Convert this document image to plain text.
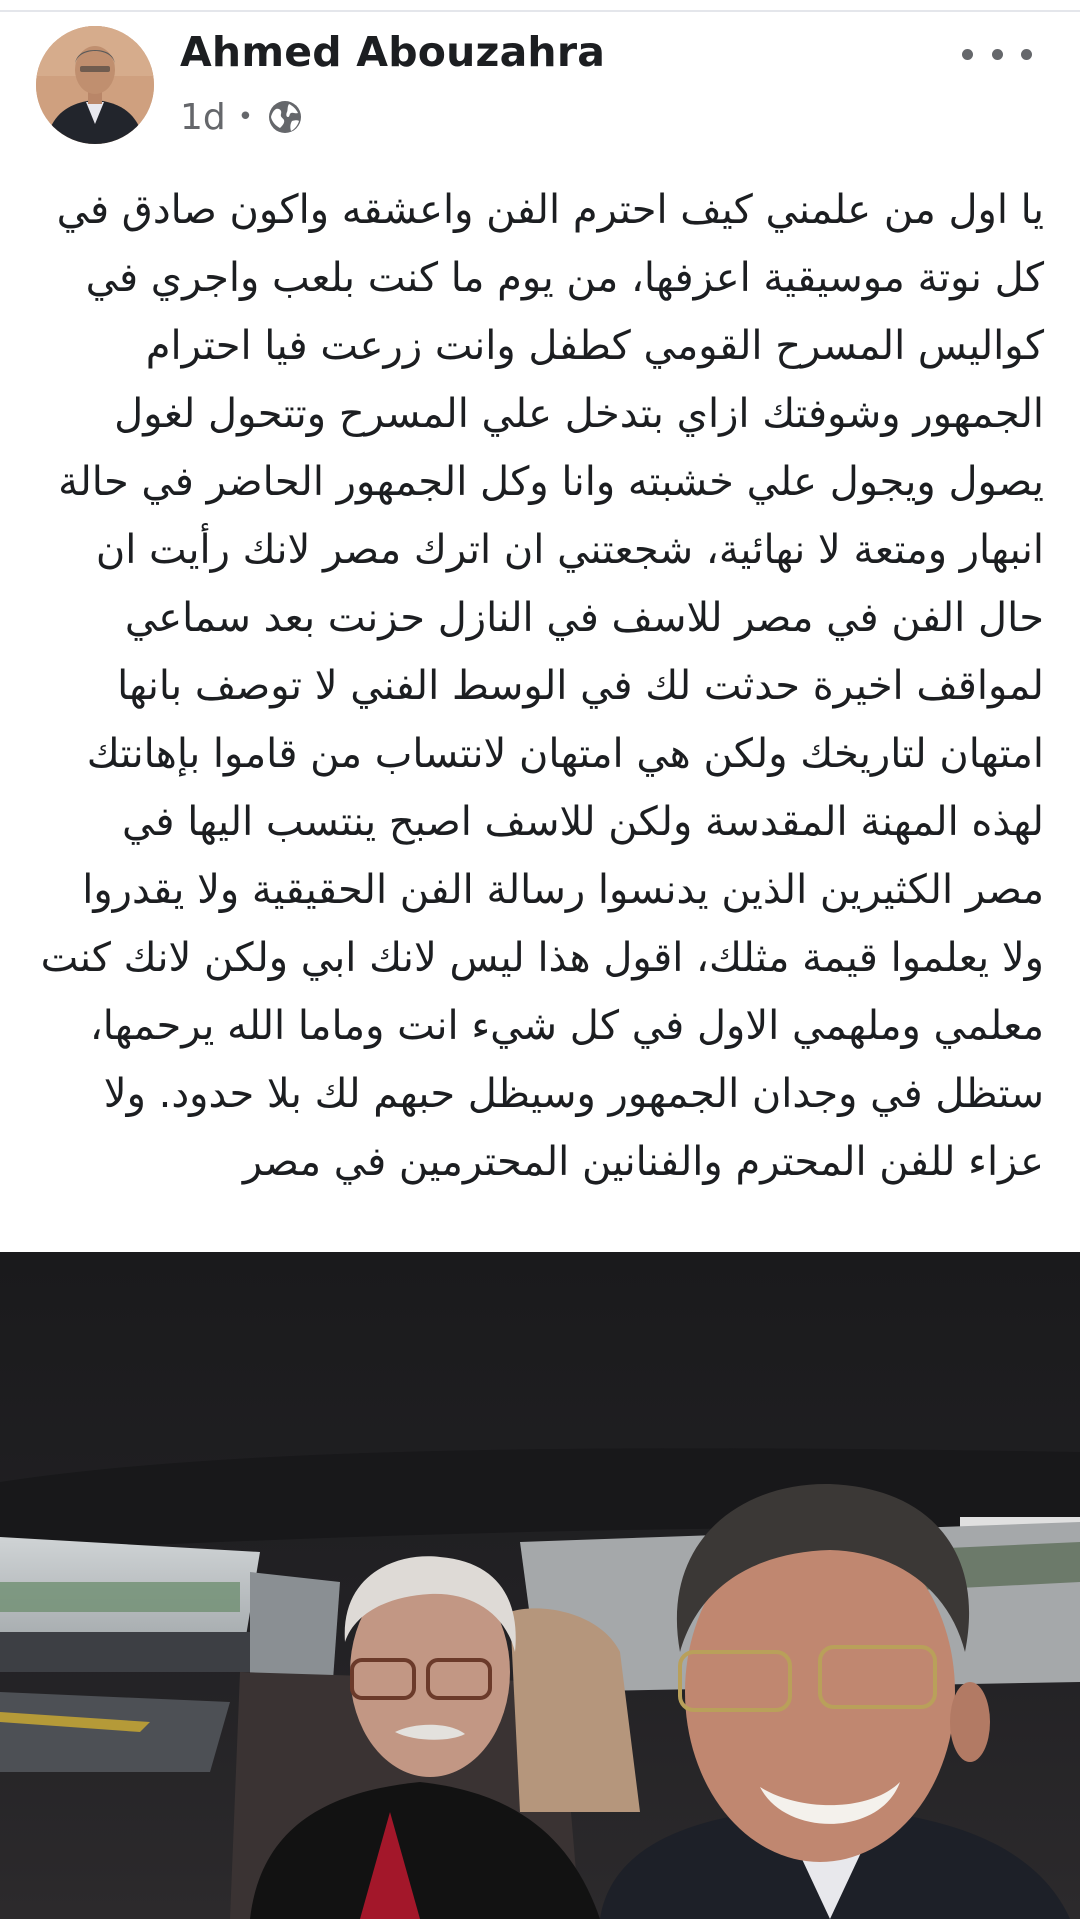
Ahmed Abouzahra
1d •
يا اول من علمني كيف احترم الفن واعشقه واكون صادق في كل نوتة موسيقية اعزفها، من يوم ما كنت بلعب واجري في كواليس المسرح القومي كطفل وانت زرعت فيا احترام الجمهور وشوفتك ازاي بتدخل علي المسرح وتتحول لغول يصول ويجول علي خشبته وانا وكل الجمهور الحاضر في حالة انبهار ومتعة لا نهائية، شجعتني ان اترك مصر لانك رأيت ان حال الفن في مصر للاسف في النازل حزنت بعد سماعي لمواقف اخيرة حدثت لك في الوسط الفني لا توصف بانها امتهان لتاريخك ولكن هي امتهان لانتساب من قاموا بإهانتك لهذه المهنة المقدسة ولكن للاسف اصبح ينتسب اليها في مصر الكثيرين الذين يدنسوا رسالة الفن الحقيقية ولا يقدروا ولا يعلموا قيمة مثلك، اقول هذا ليس لانك ابي ولكن لانك كنت معلمي وملهمي الاول في كل شيء انت وماما الله يرحمها، ستظل في وجدان الجمهور وسيظل حبهم لك بلا حدود. ولا عزاء للفن المحترم والفنانين المحترمين في مصر
